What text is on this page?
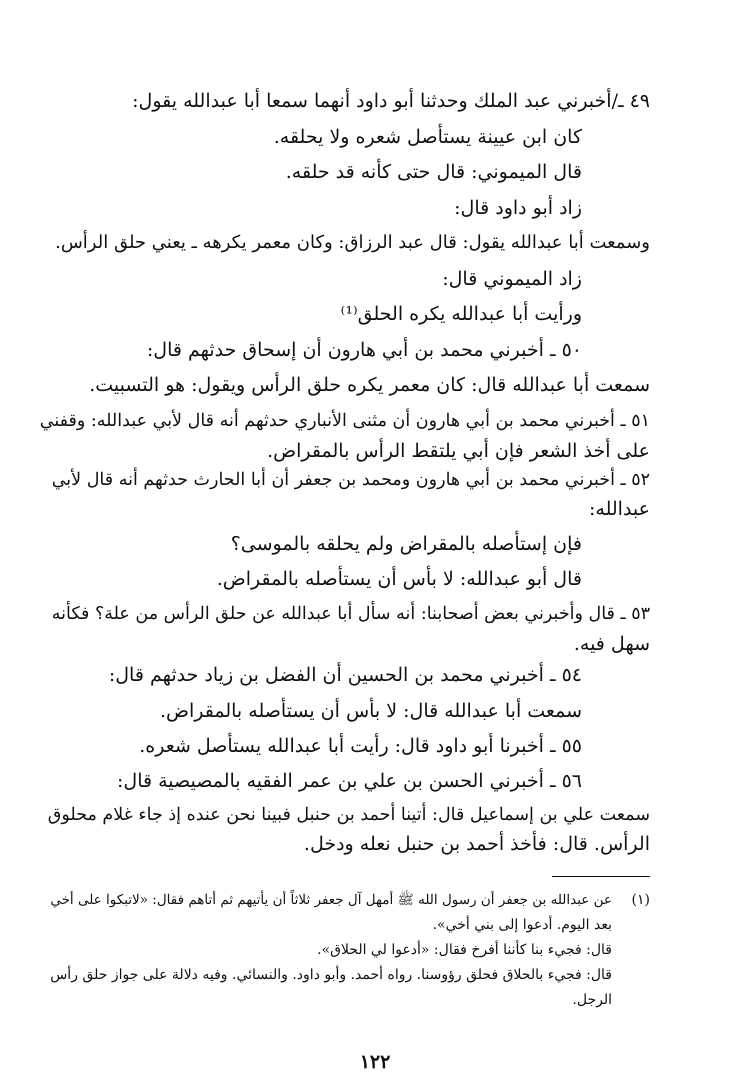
٤٩ ـ/أخبرني عبد الملك وحدثنا أبو داود أنهما سمعا أبا عبدالله يقول:
كان ابن عيينة يستأصل شعره ولا يحلقه.
قال الميموني: قال حتى كأنه قد حلقه.
زاد أبو داود قال:
وسمعت أبا عبدالله يقول: قال عبد الرزاق: وكان معمر يكرهه ـ يعني حلق الرأس.
زاد الميموني قال:
ورأيت أبا عبدالله يكره الحلق⁽¹⁾
٥٠ ـ أخبرني محمد بن أبي هارون أن إسحاق حدثهم قال:
سمعت أبا عبدالله قال: كان معمر يكره حلق الرأس ويقول: هو التسبيت.
٥١ ـ أخبرني محمد بن أبي هارون أن مثنى الأنباري حدثهم أنه قال لأبي عبدالله: وقفني
على أخذ الشعر فإن أبي يلتقط الرأس بالمقراض.
٥٢ ـ أخبرني محمد بن أبي هارون ومحمد بن جعفر أن أبا الحارث حدثهم أنه قال لأبي
عبدالله:
فإن إستأصله بالمقراض ولم يحلقه بالموسى؟
قال أبو عبدالله: لا بأس أن يستأصله بالمقراض.
٥٣ ـ قال وأخبرني بعض أصحابنا: أنه سأل أبا عبدالله عن حلق الرأس من علة؟ فكأنه
سهل فيه.
٥٤ ـ أخبرني محمد بن الحسين أن الفضل بن زياد حدثهم قال:
سمعت أبا عبدالله قال: لا بأس أن يستأصله بالمقراض.
٥٥ ـ أخبرنا أبو داود قال: رأيت أبا عبدالله يستأصل شعره.
٥٦ ـ أخبرني الحسن بن علي بن عمر الفقيه بالمصيصية قال:
سمعت علي بن إسماعيل قال: أتينا أحمد بن حنبل فبينا نحن عنده إذ جاء غلام محلوق
الرأس. قال: فأخذ أحمد بن حنبل نعله ودخل.
(١)
عن عبدالله بن جعفر أن رسول الله ﷺ أمهل آل جعفر ثلاثاً أن يأتيهم ثم أتاهم فقال: «لاتبكوا على أخي
بعد اليوم. أدعوا إلى بني أخي».
قال: فجيء بنا كأننا أفرخ فقال: «أدعوا لي الحلاق».
قال: فجيء بالحلاق فحلق رؤوسنا. رواه أحمد. وأبو داود. والنسائي. وفيه دلالة على جواز حلق رأس
الرجل.
١٢٢
